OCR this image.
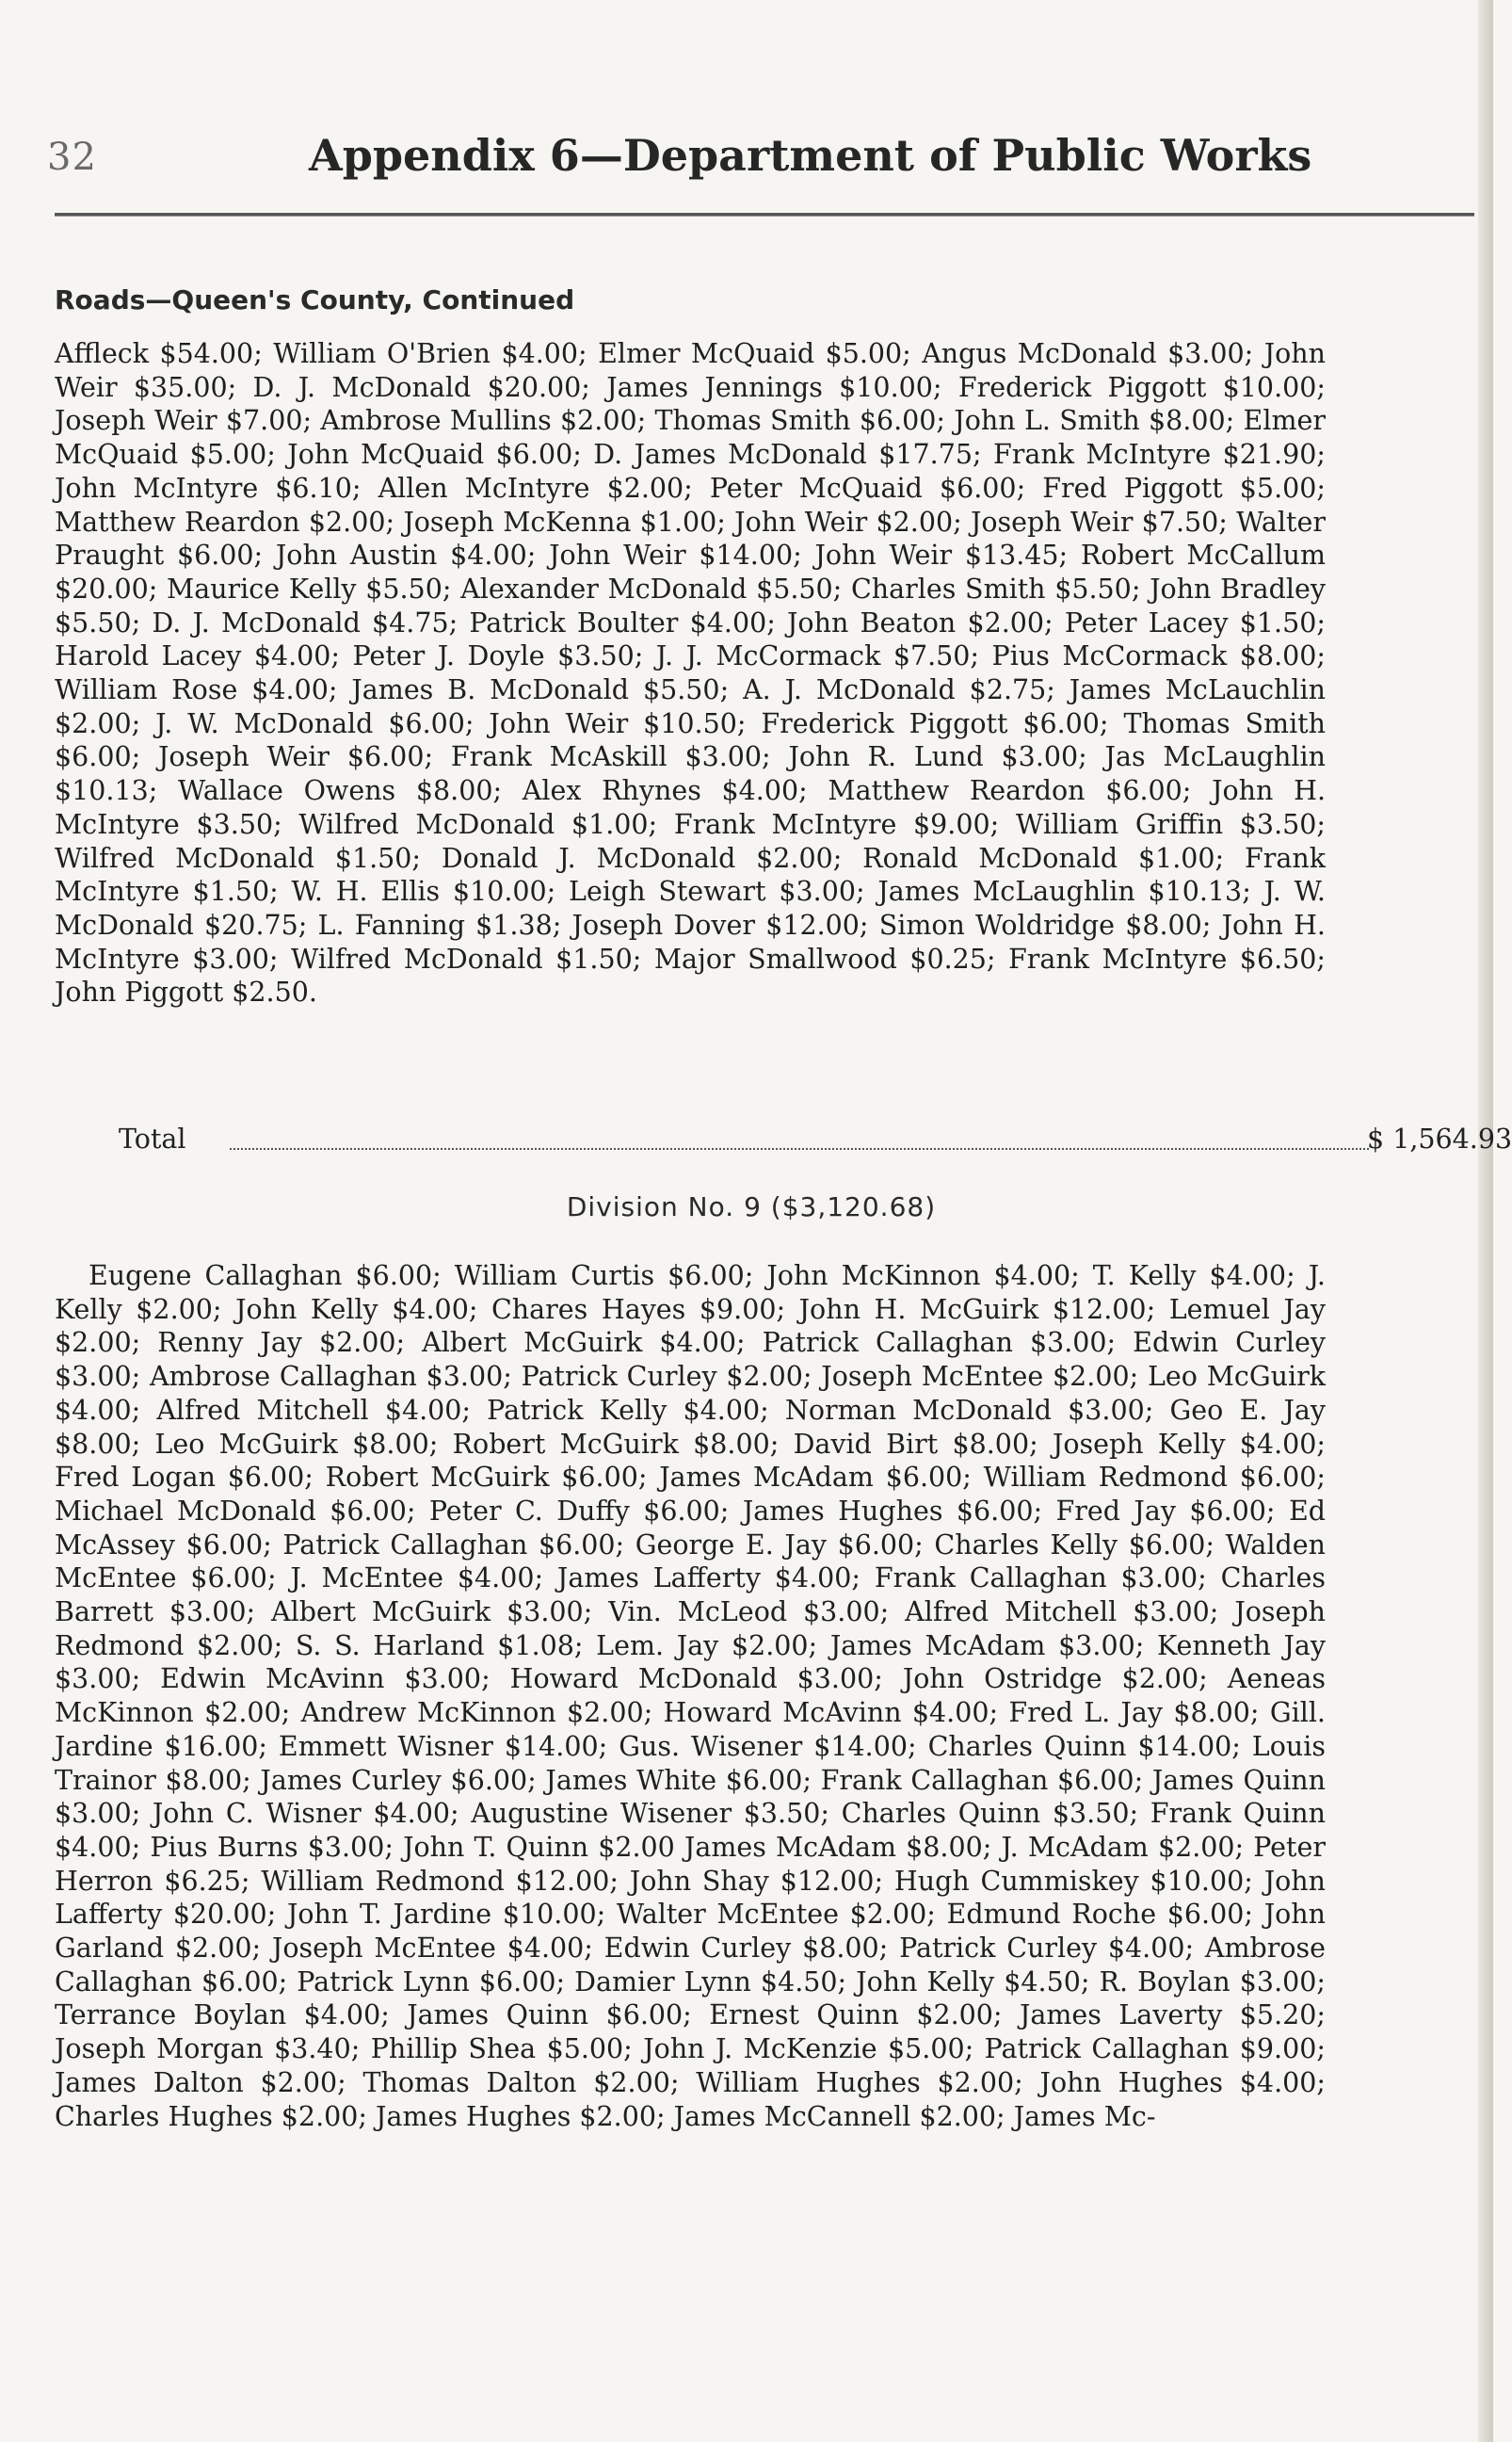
32	Appendix 6—Department of Public Works
Roads—Queen's County, Continued

Affleck $54.00; William O'Brien $4.00; Elmer McQuaid $5.00; Angus McDonald $3.00; John Weir $35.00; D. J. McDonald $20.00; James Jennings $10.00; Frederick Piggott $10.00; Joseph Weir $7.00; Ambrose Mullins $2.00; Thomas Smith $6.00; John L. Smith $8.00; Elmer McQuaid $5.00; John McQuaid $6.00; D. James McDonald $17.75; Frank McIntyre $21.90; John McIntyre $6.10; Allen McIntyre $2.00; Peter McQuaid $6.00; Fred Piggott $5.00; Matthew Reardon $2.00; Joseph McKenna $1.00; John Weir $2.00; Joseph Weir $7.50; Walter Praught $6.00; John Austin $4.00; John Weir $14.00; John Weir $13.45; Robert McCallum $20.00; Maurice Kelly $5.50; Alexander McDonald $5.50; Charles Smith $5.50; John Bradley $5.50; D. J. McDonald $4.75; Patrick Boulter $4.00; John Beaton $2.00; Peter Lacey $1.50; Harold Lacey $4.00; Peter J. Doyle $3.50; J. J. McCormack $7.50; Pius McCormack $8.00; William Rose $4.00; James B. McDonald $5.50; A. J. McDonald $2.75; James McLauchlin $2.00; J. W. McDonald $6.00; John Weir $10.50; Frederick Piggott $6.00; Thomas Smith $6.00; Joseph Weir $6.00; Frank McAskill $3.00; John R. Lund $3.00; Jas McLaughlin $10.13; Wallace Owens $8.00; Alex Rhynes $4.00; Matthew Reardon $6.00; John H. McIntyre $3.50; Wilfred McDonald $1.00; Frank McIntyre $9.00; William Griffin $3.50; Wilfred McDonald $1.50; Donald J. McDonald $2.00; Ronald McDonald $1.00; Frank McIntyre $1.50; W. H. Ellis $10.00; Leigh Stewart $3.00; James McLaughlin $10.13; J. W. McDonald $20.75; L. Fanning $1.38; Joseph Dover $12.00; Simon Woldridge $8.00; John H. McIntyre $3.00; Wilfred McDonald $1.50; Major Smallwood $0.25; Frank McIntyre $6.50; John Piggott $2.50.

Total	$ 1,564.93
Division No. 9 ($3,120.68)

Eugene Callaghan $6.00; William Curtis $6.00; John McKinnon $4.00; T. Kelly $4.00; J. Kelly $2.00; John Kelly $4.00; Chares Hayes $9.00; John H. McGuirk $12.00; Lemuel Jay $2.00; Renny Jay $2.00; Albert McGuirk $4.00; Patrick Callaghan $3.00; Edwin Curley $3.00; Ambrose Callaghan $3.00; Patrick Curley $2.00; Joseph McEntee $2.00; Leo McGuirk $4.00; Alfred Mitchell $4.00; Patrick Kelly $4.00; Norman McDonald $3.00; Geo E. Jay $8.00; Leo McGuirk $8.00; Robert McGuirk $8.00; David Birt $8.00; Joseph Kelly $4.00; Fred Logan $6.00; Robert McGuirk $6.00; James McAdam $6.00; William Redmond $6.00; Michael McDonald $6.00; Peter C. Duffy $6.00; James Hughes $6.00; Fred Jay $6.00; Ed McAssey $6.00; Patrick Callaghan $6.00; George E. Jay $6.00; Charles Kelly $6.00; Walden McEntee $6.00; J. McEntee $4.00; James Lafferty $4.00; Frank Callaghan $3.00; Charles Barrett $3.00; Albert McGuirk $3.00; Vin. McLeod $3.00; Alfred Mitchell $3.00; Joseph Redmond $2.00; S. S. Harland $1.08; Lem. Jay $2.00; James McAdam $3.00; Kenneth Jay $3.00; Edwin McAvinn $3.00; Howard McDonald $3.00; John Ostridge $2.00; Aeneas McKinnon $2.00; Andrew McKinnon $2.00; Howard McAvinn $4.00; Fred L. Jay $8.00; Gill. Jardine $16.00; Emmett Wisner $14.00; Gus. Wisener $14.00; Charles Quinn $14.00; Louis Trainor $8.00; James Curley $6.00; James White $6.00; Frank Callaghan $6.00; James Quinn $3.00; John C. Wisner $4.00; Augustine Wisener $3.50; Charles Quinn $3.50; Frank Quinn $4.00; Pius Burns $3.00; John T. Quinn $2.00 James McAdam $8.00; J. McAdam $2.00; Peter Herron $6.25; William Redmond $12.00; John Shay $12.00; Hugh Cummiskey $10.00; John Lafferty $20.00; John T. Jardine $10.00; Walter McEntee $2.00; Edmund Roche $6.00; John Garland $2.00; Joseph McEntee $4.00; Edwin Curley $8.00; Patrick Curley $4.00; Ambrose Callaghan $6.00; Patrick Lynn $6.00; Damier Lynn $4.50; John Kelly $4.50; R. Boylan $3.00; Terrance Boylan $4.00; James Quinn $6.00; Ernest Quinn $2.00; James Laverty $5.20; Joseph Morgan $3.40; Phillip Shea $5.00; John J. McKenzie $5.00; Patrick Callaghan $9.00; James Dalton $2.00; Thomas Dalton $2.00; William Hughes $2.00; John Hughes $4.00; Charles Hughes $2.00; James Hughes $2.00; James McCannell $2.00; James Mc-
